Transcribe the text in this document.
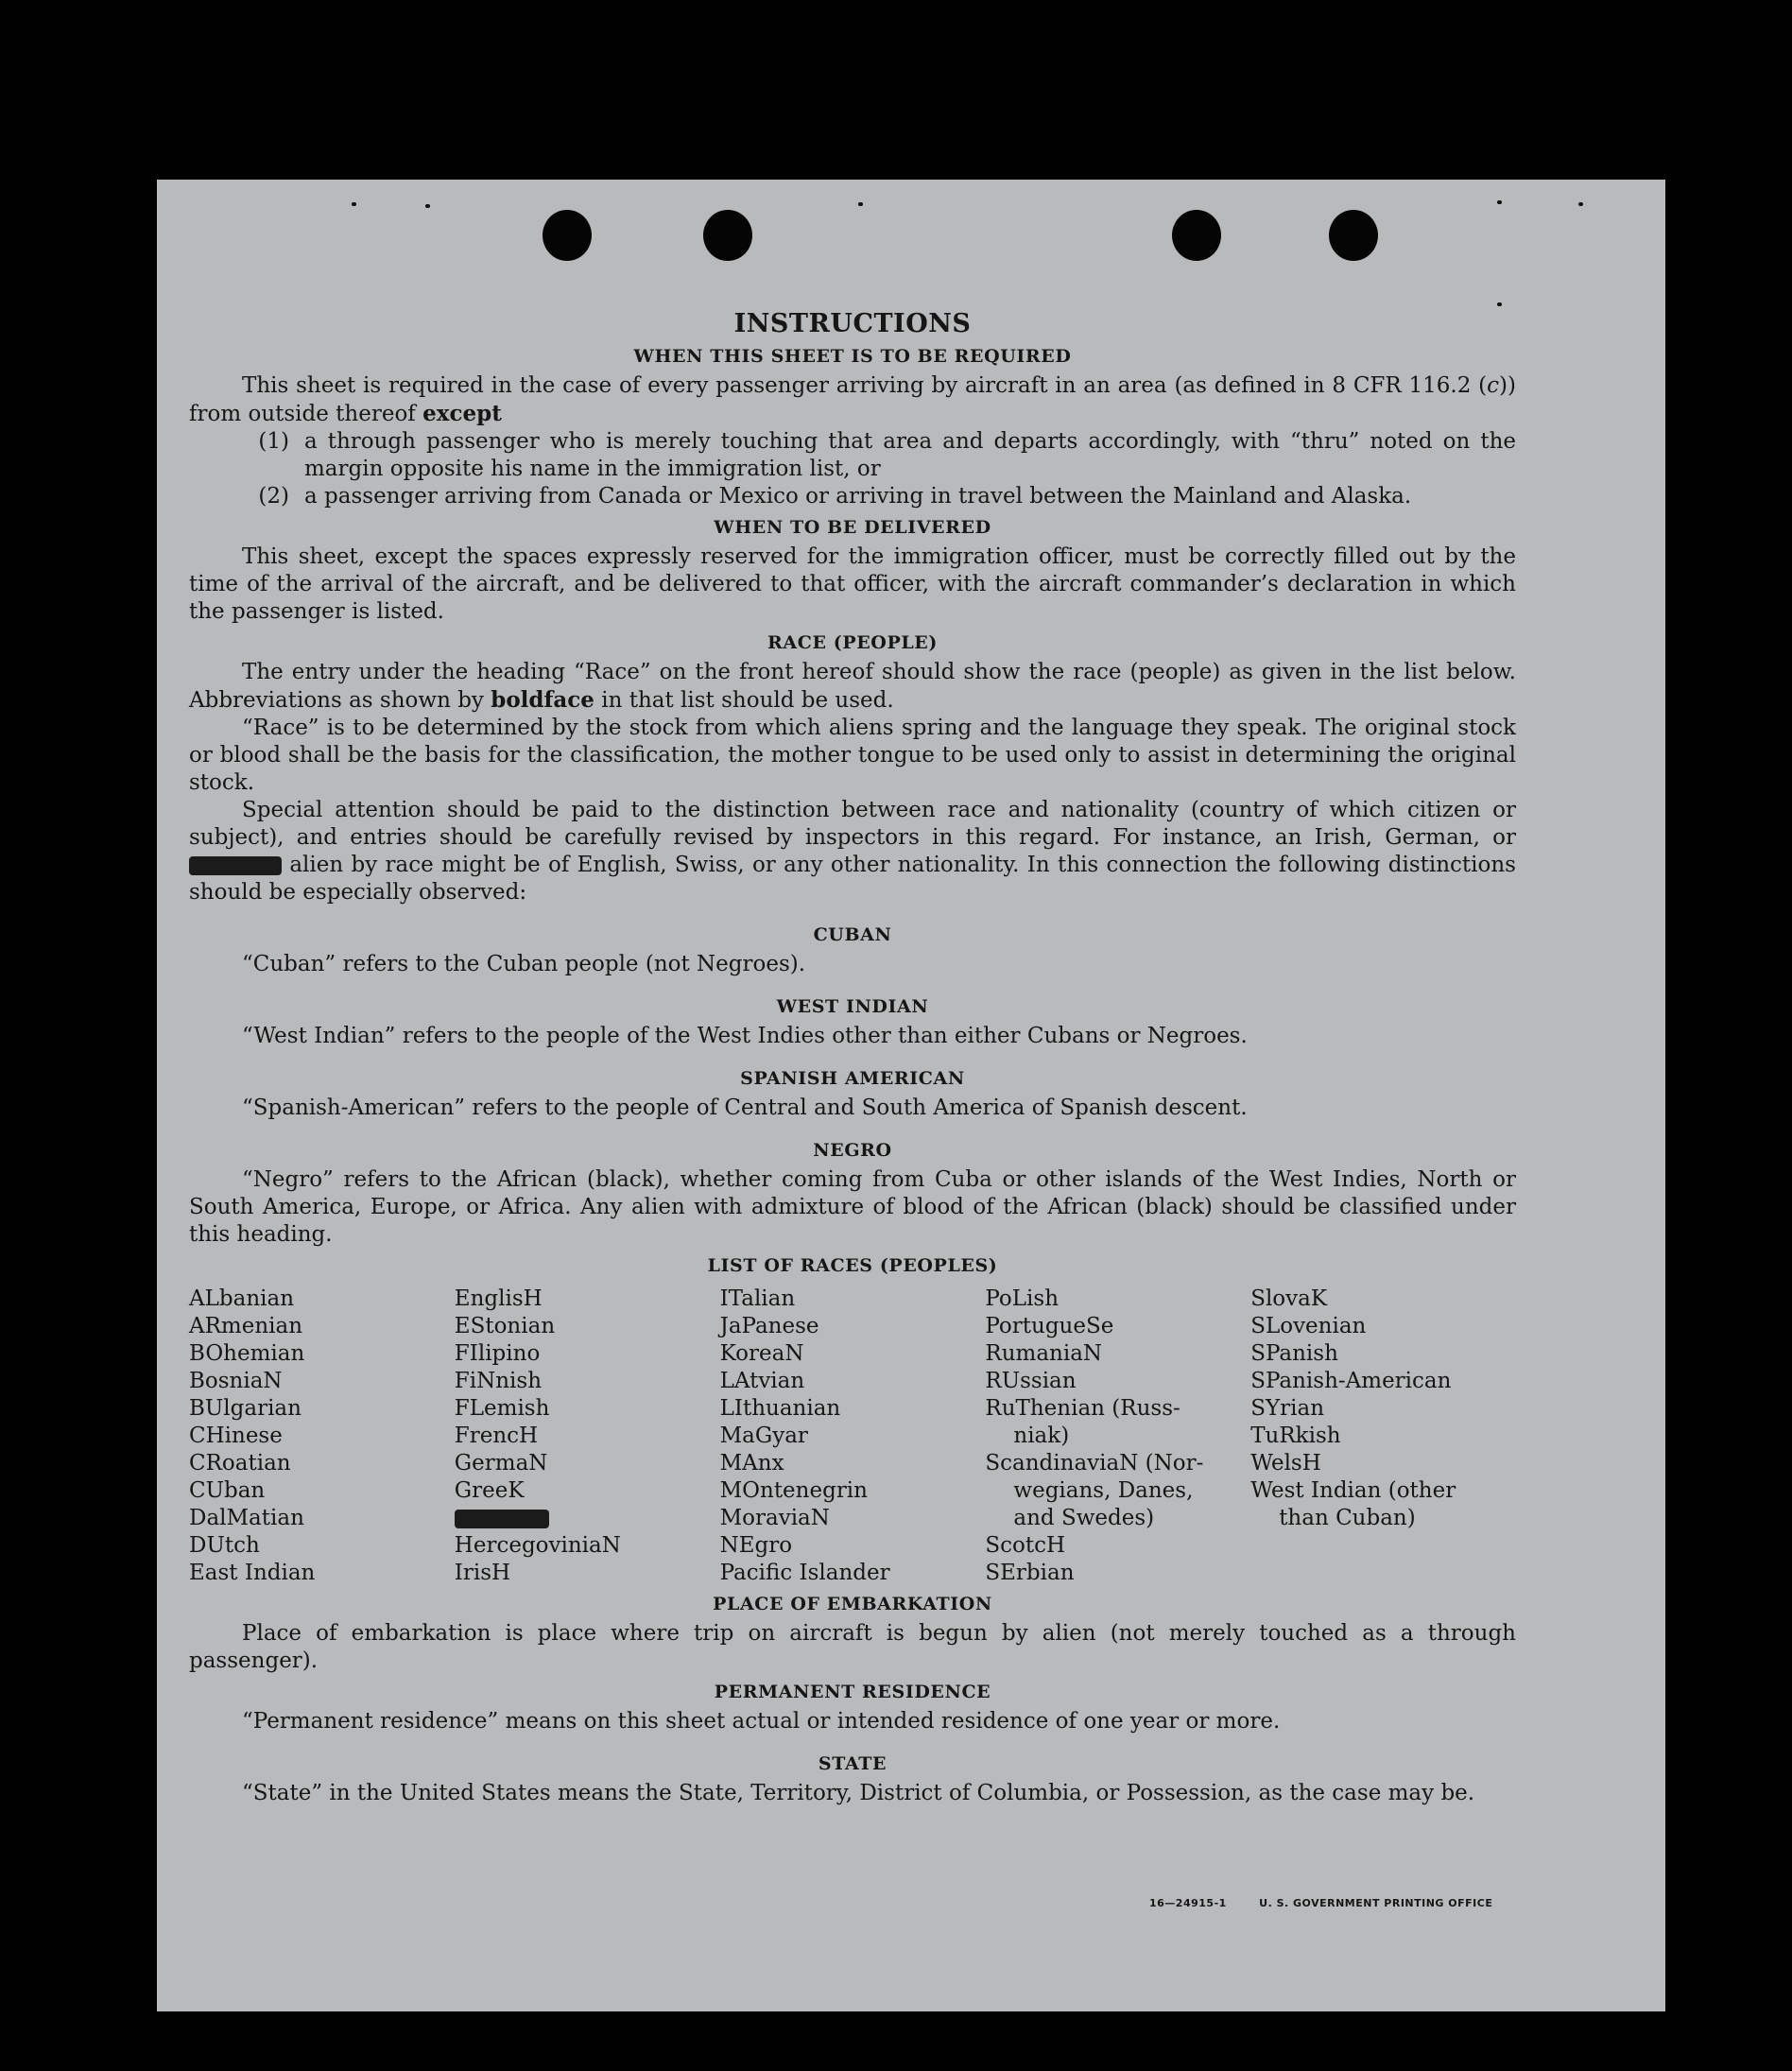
INSTRUCTIONS
WHEN THIS SHEET IS TO BE REQUIRED

This sheet is required in the case of every passenger arriving by aircraft in an area (as defined in 8 CFR 116.2 (c)) from outside thereof except

(1) a through passenger who is merely touching that area and departs accordingly, with “thru” noted on the margin opposite his name in the immigration list, or
(2) a passenger arriving from Canada or Mexico or arriving in travel between the Mainland and Alaska.
WHEN TO BE DELIVERED

This sheet, except the spaces expressly reserved for the immigration officer, must be correctly filled out by the time of the arrival of the aircraft, and be delivered to that officer, with the aircraft commander’s declaration in which the passenger is listed.

RACE (PEOPLE)

The entry under the heading “Race” on the front hereof should show the race (people) as given in the list below. Abbreviations as shown by boldface in that list should be used.

“Race” is to be determined by the stock from which aliens spring and the language they speak. The original stock or blood shall be the basis for the classification, the mother tongue to be used only to assist in determining the original stock.

Special attention should be paid to the distinction between race and nationality (country of which citizen or subject), and entries should be carefully revised by inspectors in this regard. For instance, an Irish, German, or  alien by race might be of English, Swiss, or any other nationality. In this connection the following distinctions should be especially observed:

CUBAN

“Cuban” refers to the Cuban people (not Negroes).

WEST INDIAN

“West Indian” refers to the people of the West Indies other than either Cubans or Negroes.

SPANISH AMERICAN

“Spanish-American” refers to the people of Central and South America of Spanish descent.

NEGRO

“Negro” refers to the African (black), whether coming from Cuba or other islands of the West Indies, North or South America, Europe, or Africa. Any alien with admixture of blood of the African (black) should be classified under this heading.

LIST OF RACES (PEOPLES)
ALbanian
ARmenian
BOhemian
BosniaN
BUlgarian
CHinese
CRoatian
CUban
DalMatian
DUtch
East Indian
EnglisH
EStonian
FIlipino
FiNnish
FLemish
FrencH
GermaN
GreeK
HercegoviniaN
IrisH
ITalian
JaPanese
KoreaN
LAtvian
LIthuanian
MaGyar
MAnx
MOntenegrin
MoraviaN
NEgro
Pacific Islander
PoLish
PortugueSe
RumaniaN
RUssian
RuThenian (Russ-
niak)
ScandinaviaN (Nor-
wegians, Danes,
and Swedes)
ScotcH
SErbian
SlovaK
SLovenian
SPanish
SPanish-American
SYrian
TuRkish
WelsH
West Indian (other
than Cuban)
PLACE OF EMBARKATION

Place of embarkation is place where trip on aircraft is begun by alien (not merely touched as a through passenger).

PERMANENT RESIDENCE

“Permanent residence” means on this sheet actual or intended residence of one year or more.

STATE

“State” in the United States means the State, Territory, District of Columbia, or Possession, as the case may be.

16—24915-1	U. S. GOVERNMENT PRINTING OFFICE
